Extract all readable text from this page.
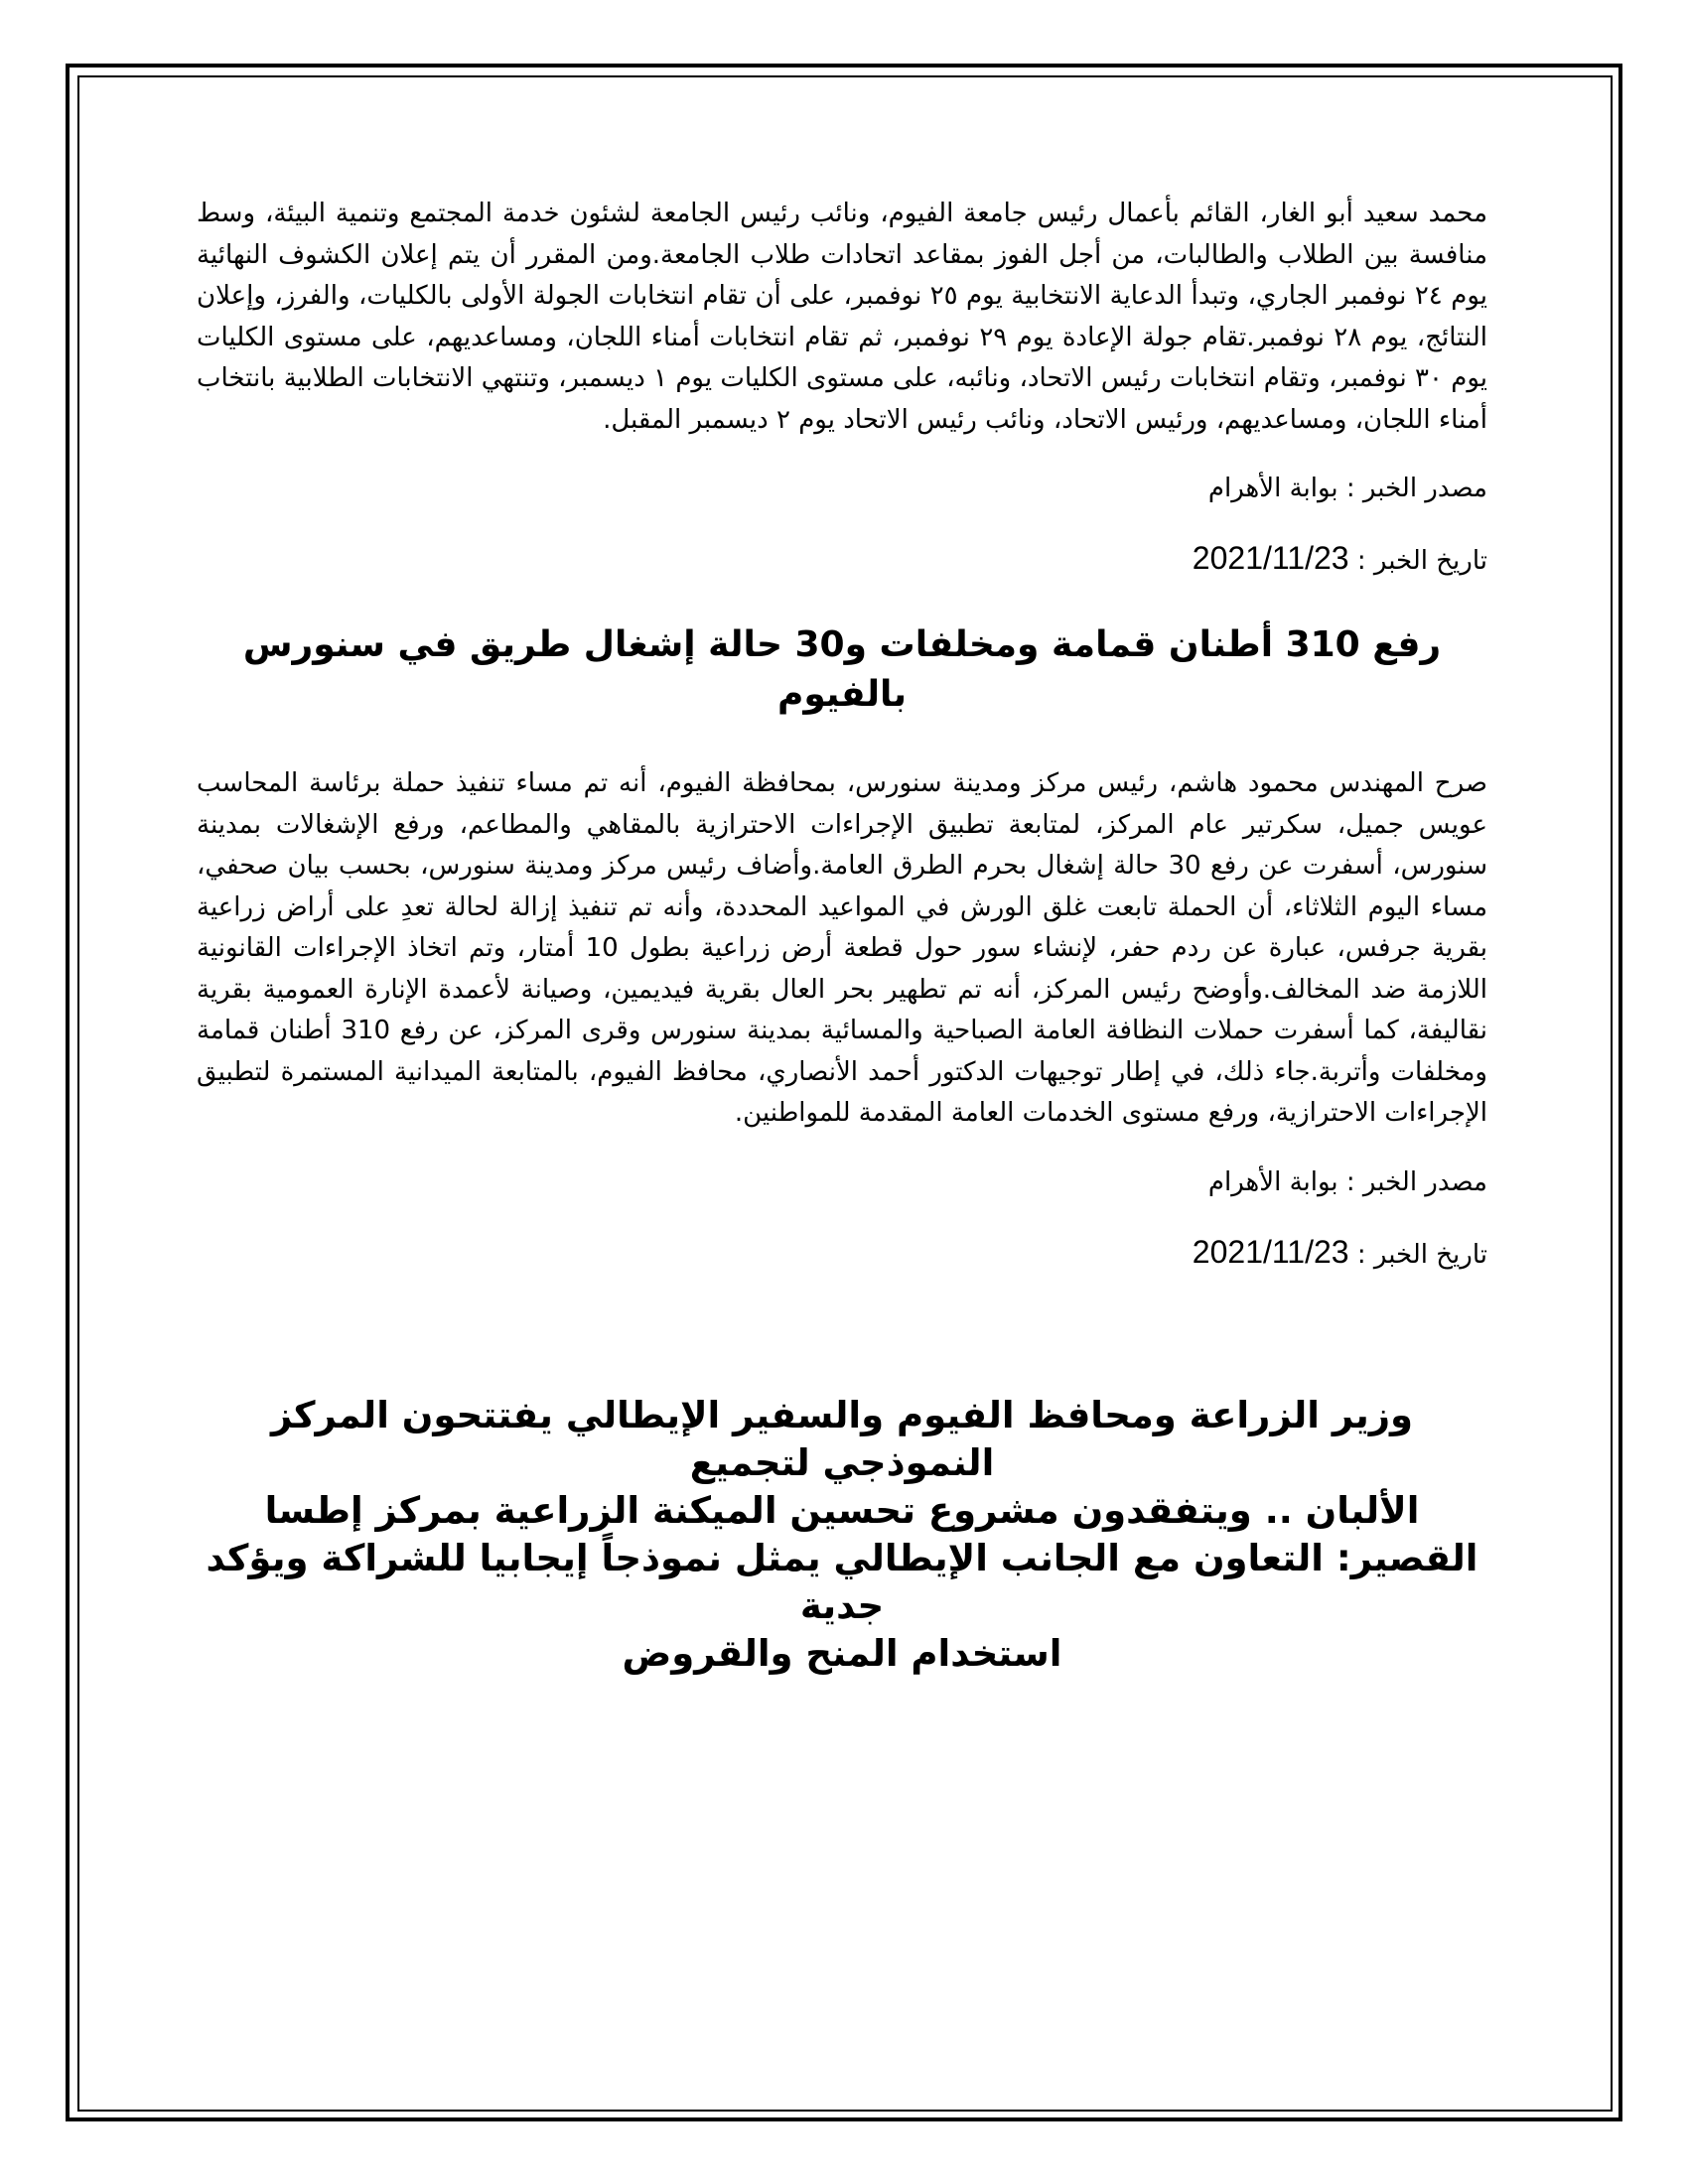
محمد سعيد أبو الغار، القائم بأعمال رئيس جامعة الفيوم، ونائب رئيس الجامعة لشئون خدمة المجتمع وتنمية البيئة، وسط منافسة بين الطلاب والطالبات، من أجل الفوز بمقاعد اتحادات طلاب الجامعة.ومن المقرر أن يتم إعلان الكشوف النهائية يوم ٢٤ نوفمبر الجاري، وتبدأ الدعاية الانتخابية يوم ٢٥ نوفمبر، على أن تقام انتخابات الجولة الأولى بالكليات، والفرز، وإعلان النتائج، يوم ٢٨ نوفمبر.تقام جولة الإعادة يوم ٢٩ نوفمبر، ثم تقام انتخابات أمناء اللجان، ومساعديهم، على مستوى الكليات يوم ٣٠ نوفمبر، وتقام انتخابات رئيس الاتحاد، ونائبه، على مستوى الكليات يوم ١ ديسمبر، وتنتهي الانتخابات الطلابية بانتخاب أمناء اللجان، ومساعديهم، ورئيس الاتحاد، ونائب رئيس الاتحاد يوم ٢ ديسمبر المقبل.

مصدر الخبر : بوابة الأهرام

تاريخ الخبر : 2021/11/23

رفع 310 أطنان قمامة ومخلفات و30 حالة إشغال طريق في سنورس بالفيوم

صرح المهندس محمود هاشم، رئيس مركز ومدينة سنورس، بمحافظة الفيوم، أنه تم مساء تنفيذ حملة برئاسة المحاسب عويس جميل، سكرتير عام المركز، لمتابعة تطبيق الإجراءات الاحترازية بالمقاهي والمطاعم، ورفع الإشغالات بمدينة سنورس، أسفرت عن رفع 30 حالة إشغال بحرم الطرق العامة.وأضاف رئيس مركز ومدينة سنورس، بحسب بيان صحفي، مساء اليوم الثلاثاء، أن الحملة تابعت غلق الورش في المواعيد المحددة، وأنه تم تنفيذ إزالة لحالة تعدِ على أراض زراعية بقرية جرفس، عبارة عن ردم حفر، لإنشاء سور حول قطعة أرض زراعية بطول 10 أمتار، وتم اتخاذ الإجراءات القانونية اللازمة ضد المخالف.وأوضح رئيس المركز، أنه تم تطهير بحر العال بقرية فيديمين، وصيانة لأعمدة الإنارة العمومية بقرية نقاليفة، كما أسفرت حملات النظافة العامة الصباحية والمسائية بمدينة سنورس وقرى المركز، عن رفع 310 أطنان قمامة ومخلفات وأتربة.جاء ذلك، في إطار توجيهات الدكتور أحمد الأنصاري، محافظ الفيوم، بالمتابعة الميدانية المستمرة لتطبيق الإجراءات الاحترازية، ورفع مستوى الخدمات العامة المقدمة للمواطنين.

مصدر الخبر : بوابة الأهرام

تاريخ الخبر : 2021/11/23

وزير الزراعة ومحافظ الفيوم والسفير الإيطالي يفتتحون المركز النموذجي لتجميع

الألبان .. ويتفقدون مشروع تحسين الميكنة الزراعية بمركز إطسا

القصير: التعاون مع الجانب الإيطالي يمثل نموذجاً إيجابيا للشراكة ويؤكد جدية

استخدام المنح والقروض
